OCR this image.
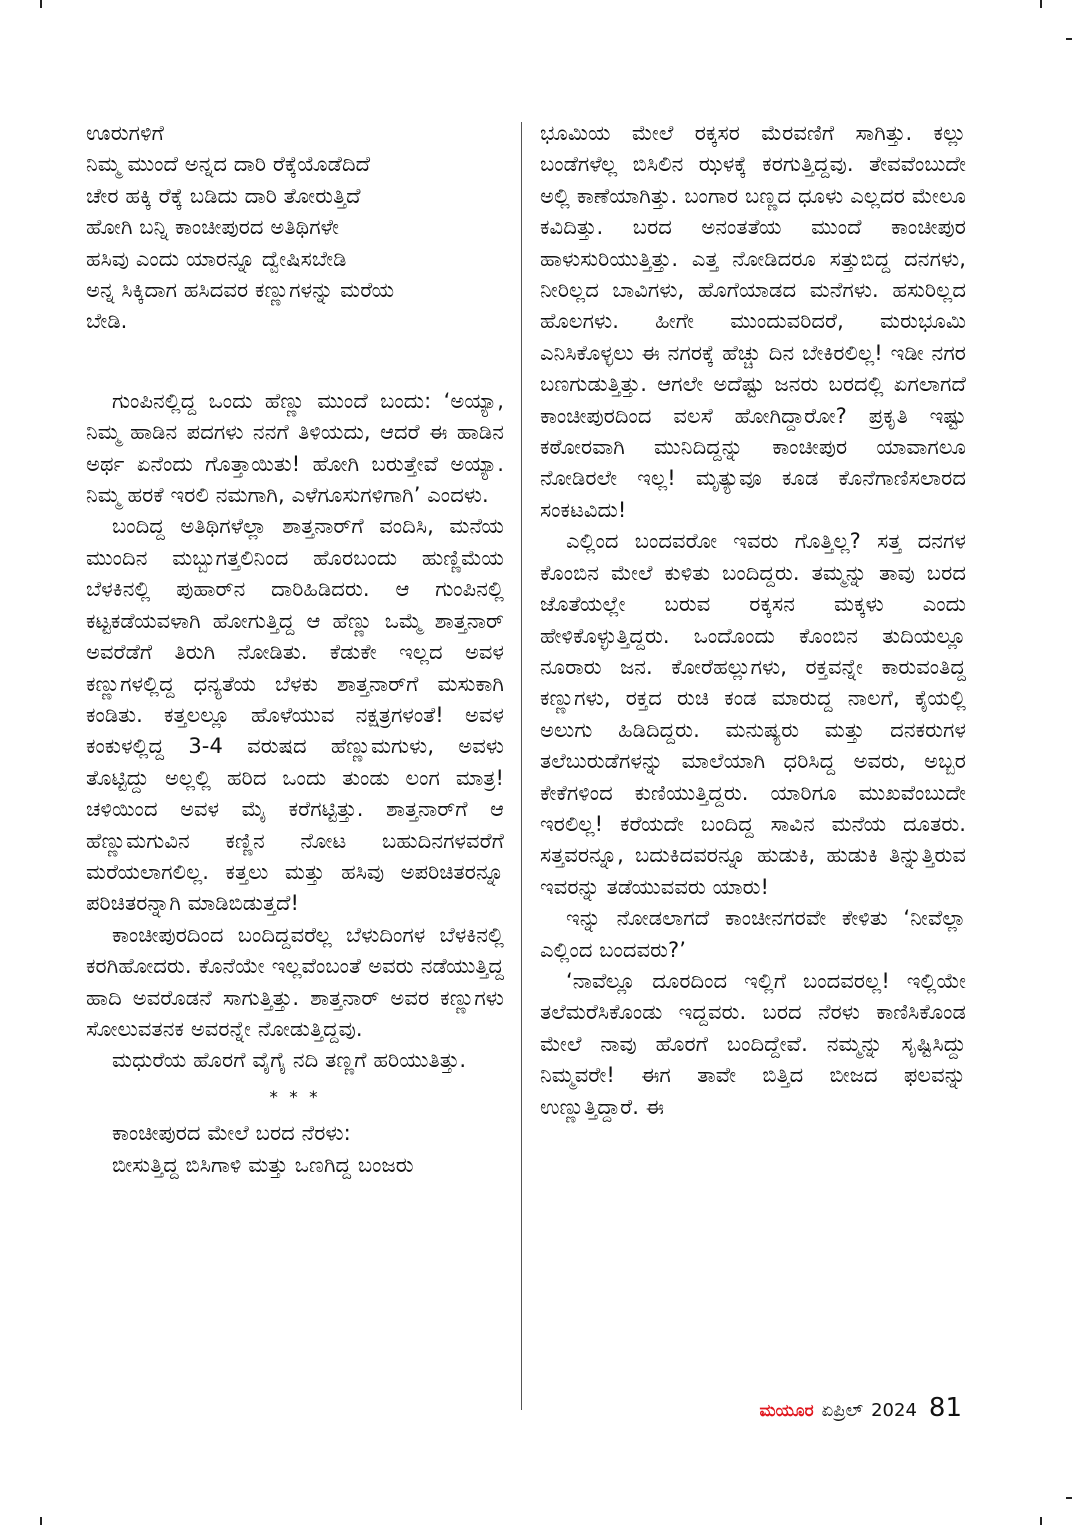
ಊರುಗಳಿಗೆ

ನಿಮ್ಮ ಮುಂದೆ ಅನ್ನದ ದಾರಿ ರೆಕ್ಕೆಯೊಡೆದಿದೆ

ಚೇರ ಹಕ್ಕಿ ರೆಕ್ಕೆ ಬಡಿದು ದಾರಿ ತೋರುತ್ತಿದೆ

ಹೋಗಿ ಬನ್ನಿ ಕಾಂಚೀಪುರದ ಅತಿಥಿಗಳೇ

ಹಸಿವು ಎಂದು ಯಾರನ್ನೂ ದ್ವೇಷಿಸಬೇಡಿ

ಅನ್ನ ಸಿಕ್ಕಿದಾಗ ಹಸಿದವರ ಕಣ್ಣುಗಳನ್ನು ಮರೆಯ

ಬೇಡಿ.

ಗುಂಪಿನಲ್ಲಿದ್ದ ಒಂದು ಹೆಣ್ಣು ಮುಂದೆ ಬಂದು: ‘ಅಯ್ಯಾ, ನಿಮ್ಮ ಹಾಡಿನ ಪದಗಳು ನನಗೆ ತಿಳಿಯದು, ಆದರೆ ಈ ಹಾಡಿನ ಅರ್ಥ ಏನೆಂದು ಗೊತ್ತಾಯಿತು! ಹೋಗಿ ಬರುತ್ತೇವೆ ಅಯ್ಯಾ. ನಿಮ್ಮ ಹರಕೆ ಇರಲಿ ನಮಗಾಗಿ, ಎಳೆಗೂಸುಗಳಿಗಾಗಿ’ ಎಂದಳು.

ಬಂದಿದ್ದ ಅತಿಥಿಗಳೆಲ್ಲಾ ಶಾತ್ತನಾರ್‌ಗೆ ವಂದಿಸಿ, ಮನೆಯ ಮುಂದಿನ ಮಬ್ಬುಗತ್ತಲಿನಿಂದ ಹೊರಬಂದು ಹುಣ್ಣಿಮೆಯ ಬೆಳಕಿನಲ್ಲಿ ಪುಹಾರ್‌ನ ದಾರಿಹಿಡಿದರು. ಆ ಗುಂಪಿನಲ್ಲಿ ಕಟ್ಟಕಡೆಯವಳಾಗಿ ಹೋಗುತ್ತಿದ್ದ ಆ ಹೆಣ್ಣು ಒಮ್ಮೆ ಶಾತ್ತನಾರ್ ಅವರೆಡೆಗೆ ತಿರುಗಿ ನೋಡಿತು. ಕೆಡುಕೇ ಇಲ್ಲದ ಅವಳ ಕಣ್ಣುಗಳಲ್ಲಿದ್ದ ಧನ್ಯತೆಯ ಬೆಳಕು ಶಾತ್ತನಾರ್‌ಗೆ ಮಸುಕಾಗಿ ಕಂಡಿತು. ಕತ್ತಲಲ್ಲೂ ಹೊಳೆಯುವ ನಕ್ಷತ್ರಗಳಂತೆ! ಅವಳ ಕಂಕುಳಲ್ಲಿದ್ದ 3-4 ವರುಷದ ಹೆಣ್ಣುಮಗುಳು, ಅವಳು ತೊಟ್ಟಿದ್ದು ಅಲ್ಲಲ್ಲಿ ಹರಿದ ಒಂದು ತುಂಡು ಲಂಗ ಮಾತ್ರ! ಚಳಿಯಿಂದ ಅವಳ ಮೈ ಕರೆಗಟ್ಟಿತ್ತು. ಶಾತ್ತನಾರ್‌ಗೆ ಆ ಹೆಣ್ಣುಮಗುವಿನ ಕಣ್ಣಿನ ನೋಟ ಬಹುದಿನಗಳವರೆಗೆ ಮರೆಯಲಾಗಲಿಲ್ಲ. ಕತ್ತಲು ಮತ್ತು ಹಸಿವು ಅಪರಿಚಿತರನ್ನೂ ಪರಿಚಿತರನ್ನಾಗಿ ಮಾಡಿಬಿಡುತ್ತದೆ!

ಕಾಂಚೀಪುರದಿಂದ ಬಂದಿದ್ದವರೆಲ್ಲ ಬೆಳುದಿಂಗಳ ಬೆಳಕಿನಲ್ಲಿ ಕರಗಿಹೋದರು. ಕೊನೆಯೇ ಇಲ್ಲವೆಂಬಂತೆ ಅವರು ನಡೆಯುತ್ತಿದ್ದ ಹಾದಿ ಅವರೊಡನೆ ಸಾಗುತ್ತಿತ್ತು. ಶಾತ್ತನಾರ್ ಅವರ ಕಣ್ಣುಗಳು ಸೋಲುವತನಕ ಅವರನ್ನೇ ನೋಡುತ್ತಿದ್ದವು.

ಮಧುರೆಯ ಹೊರಗೆ ವೈಗೈ ನದಿ ತಣ್ಣಗೆ ಹರಿಯುತಿತ್ತು.

* * *

ಕಾಂಚೀಪುರದ ಮೇಲೆ ಬರದ ನೆರಳು:

ಬೀಸುತ್ತಿದ್ದ ಬಿಸಿಗಾಳಿ ಮತ್ತು ಒಣಗಿದ್ದ ಬಂಜರು

ಭೂಮಿಯ ಮೇಲೆ ರಕ್ಕಸರ ಮೆರವಣಿಗೆ ಸಾಗಿತ್ತು. ಕಲ್ಲು ಬಂಡೆಗಳೆಲ್ಲ ಬಿಸಿಲಿನ ಝಳಕ್ಕೆ ಕರಗುತ್ತಿದ್ದವು. ತೇವವೆಂಬುದೇ ಅಲ್ಲಿ ಕಾಣೆಯಾಗಿತ್ತು. ಬಂಗಾರ ಬಣ್ಣದ ಧೂಳು ಎಲ್ಲದರ ಮೇಲೂ ಕವಿದಿತ್ತು. ಬರದ ಅನಂತತೆಯ ಮುಂದೆ ಕಾಂಚೀಪುರ ಹಾಳುಸುರಿಯುತ್ತಿತ್ತು. ಎತ್ತ ನೋಡಿದರೂ ಸತ್ತುಬಿದ್ದ ದನಗಳು, ನೀರಿಲ್ಲದ ಬಾವಿಗಳು, ಹೊಗೆಯಾಡದ ಮನೆಗಳು. ಹಸುರಿಲ್ಲದ ಹೊಲಗಳು. ಹೀಗೇ ಮುಂದುವರಿದರೆ, ಮರುಭೂಮಿ ಎನಿಸಿಕೊಳ್ಳಲು ಈ ನಗರಕ್ಕೆ ಹೆಚ್ಚು ದಿನ ಬೇಕಿರಲಿಲ್ಲ! ಇಡೀ ನಗರ ಬಣಗುಡುತ್ತಿತ್ತು. ಆಗಲೇ ಅದೆಷ್ಟು ಜನರು ಬರದಲ್ಲಿ ಏಗಲಾಗದೆ ಕಾಂಚೀಪುರದಿಂದ ವಲಸೆ ಹೋಗಿದ್ದಾರೋ? ಪ್ರಕೃತಿ ಇಷ್ಟು ಕಠೋರವಾಗಿ ಮುನಿದಿದ್ದನ್ನು ಕಾಂಚೀಪುರ ಯಾವಾಗಲೂ ನೋಡಿರಲೇ ಇಲ್ಲ! ಮೃತ್ಯುವೂ ಕೂಡ ಕೊನೆಗಾಣಿಸಲಾರದ ಸಂಕಟವಿದು!

ಎಲ್ಲಿಂದ ಬಂದವರೋ ಇವರು ಗೊತ್ತಿಲ್ಲ? ಸತ್ತ ದನಗಳ ಕೊಂಬಿನ ಮೇಲೆ ಕುಳಿತು ಬಂದಿದ್ದರು. ತಮ್ಮನ್ನು ತಾವು ಬರದ ಜೊತೆಯಲ್ಲೇ ಬರುವ ರಕ್ಕಸನ ಮಕ್ಕಳು ಎಂದು ಹೇಳಿಕೊಳ್ಳುತ್ತಿದ್ದರು. ಒಂದೊಂದು ಕೊಂಬಿನ ತುದಿಯಲ್ಲೂ ನೂರಾರು ಜನ. ಕೋರೆಹಲ್ಲುಗಳು, ರಕ್ತವನ್ನೇ ಕಾರುವಂತಿದ್ದ ಕಣ್ಣುಗಳು, ರಕ್ತದ ರುಚಿ ಕಂಡ ಮಾರುದ್ದ ನಾಲಗೆ, ಕೈಯಲ್ಲಿ ಅಲುಗು ಹಿಡಿದಿದ್ದರು. ಮನುಷ್ಯರು ಮತ್ತು ದನಕರುಗಳ ತಲೆಬುರುಡೆಗಳನ್ನು ಮಾಲೆಯಾಗಿ ಧರಿಸಿದ್ದ ಅವರು, ಅಬ್ಬರ ಕೇಕೆಗಳಿಂದ ಕುಣಿಯುತ್ತಿದ್ದರು. ಯಾರಿಗೂ ಮುಖವೆಂಬುದೇ ಇರಲಿಲ್ಲ! ಕರೆಯದೇ ಬಂದಿದ್ದ ಸಾವಿನ ಮನೆಯ ದೂತರು. ಸತ್ತವರನ್ನೂ, ಬದುಕಿದವರನ್ನೂ ಹುಡುಕಿ, ಹುಡುಕಿ ತಿನ್ನುತ್ತಿರುವ ಇವರನ್ನು ತಡೆಯುವವರು ಯಾರು!

ಇನ್ನು ನೋಡಲಾಗದೆ ಕಾಂಚೀನಗರವೇ ಕೇಳಿತು ‘ನೀವೆಲ್ಲಾ ಎಲ್ಲಿಂದ ಬಂದವರು?’

‘ನಾವೆಲ್ಲೂ ದೂರದಿಂದ ಇಲ್ಲಿಗೆ ಬಂದವರಲ್ಲ! ಇಲ್ಲಿಯೇ ತಲೆಮರೆಸಿಕೊಂಡು ಇದ್ದವರು. ಬರದ ನೆರಳು ಕಾಣಿಸಿಕೊಂಡ ಮೇಲೆ ನಾವು ಹೊರಗೆ ಬಂದಿದ್ದೇವೆ. ನಮ್ಮನ್ನು ಸೃಷ್ಟಿಸಿದ್ದು ನಿಮ್ಮವರೇ! ಈಗ ತಾವೇ ಬಿತ್ತಿದ ಬೀಜದ ಫಲವನ್ನು ಉಣ್ಣುತ್ತಿದ್ದಾರೆ. ಈ

ಮಯೂರ ಏಪ್ರಿಲ್ 2024 81
